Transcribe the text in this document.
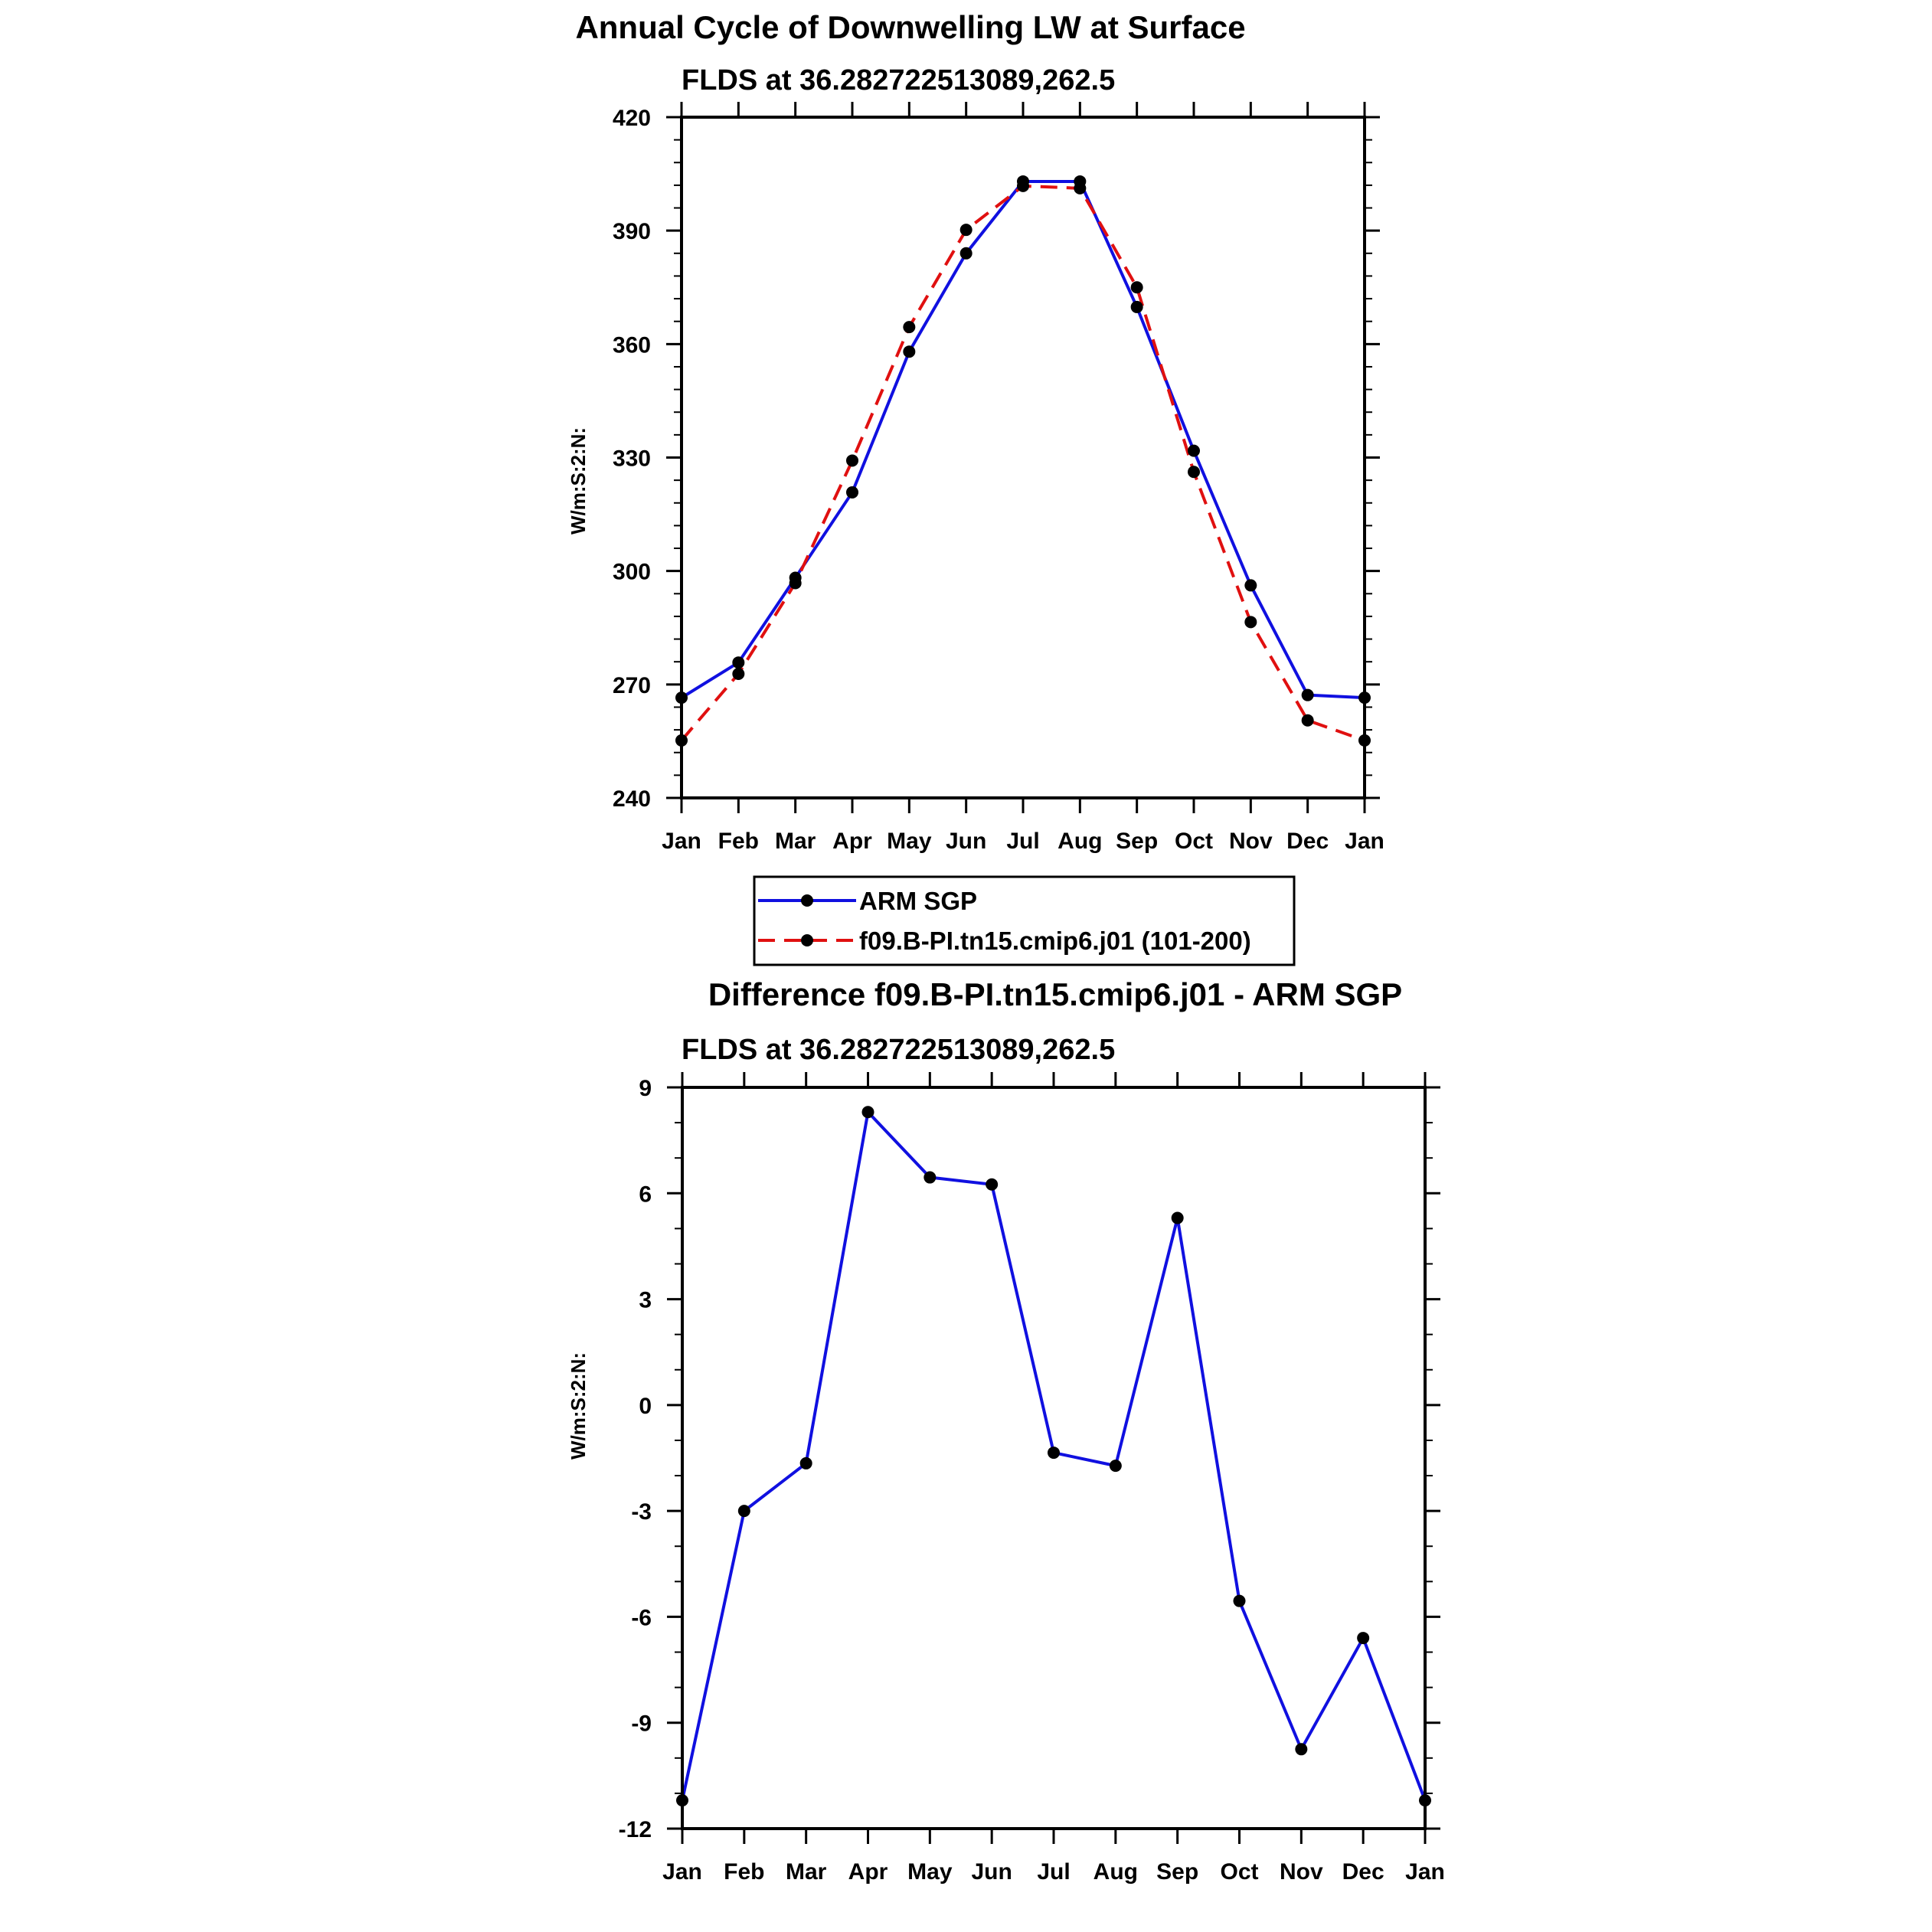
Annual Cycle of Downwelling LW at Surface
FLDS at 36.282722513089,262.5
W/m:S:2:N:
Jan Feb Mar Apr May Jun Jul Aug Sep Oct Nov Dec Jan
240
270
300
330
360
390
420
ARM SGP
f09.B-PI.tn15.cmip6.j01 (101-200)
Difference f09.B-PI.tn15.cmip6.j01 - ARM SGP
FLDS at 36.282722513089,262.5
W/m:S:2:N:
Jan Feb Mar Apr May Jun Jul Aug Sep Oct Nov Dec Jan
-12
-9
-6
-3
0
3
6
9
